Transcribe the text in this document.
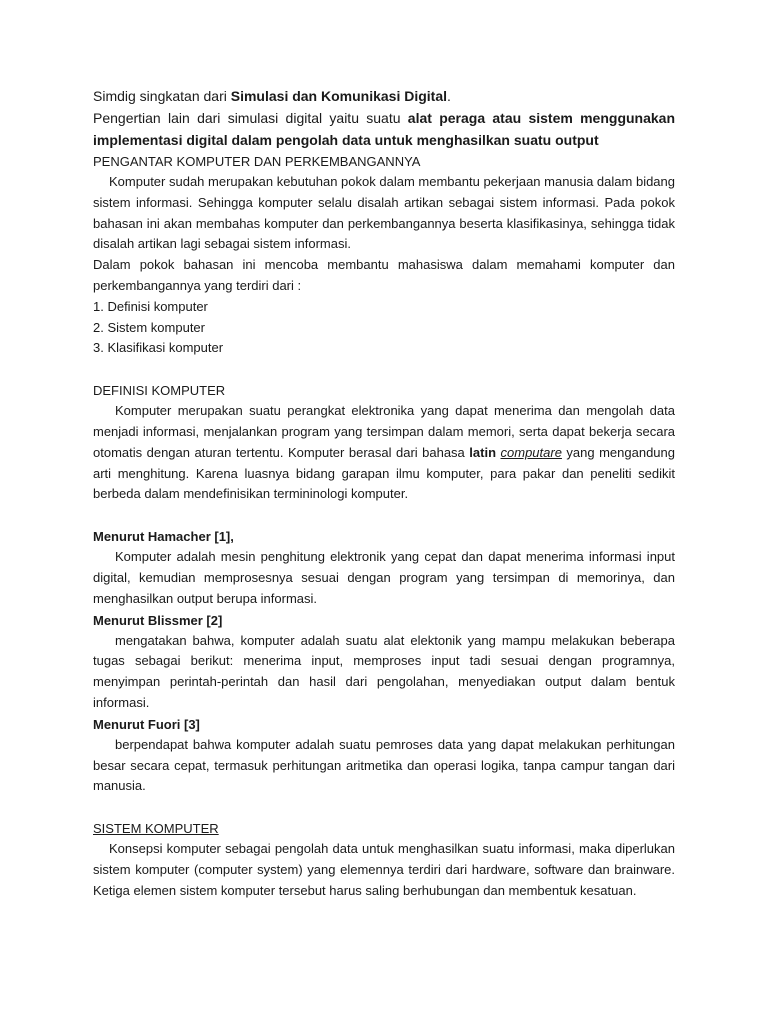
Simdig singkatan dari Simulasi dan Komunikasi Digital.

Pengertian lain dari simulasi digital yaitu suatu alat peraga atau sistem menggunakan implementasi digital dalam pengolah data untuk menghasilkan suatu output

PENGANTAR KOMPUTER DAN PERKEMBANGANNYA

Komputer sudah merupakan kebutuhan pokok dalam membantu pekerjaan manusia dalam bidang sistem informasi. Sehingga komputer selalu disalah artikan sebagai sistem informasi. Pada pokok bahasan ini akan membahas komputer dan perkembangannya beserta klasifikasinya, sehingga tidak disalah artikan lagi sebagai sistem informasi.

Dalam pokok bahasan ini mencoba membantu mahasiswa dalam memahami komputer dan perkembangannya yang terdiri dari :

1. Definisi komputer

2. Sistem komputer

3. Klasifikasi komputer

DEFINISI KOMPUTER

Komputer merupakan suatu perangkat elektronika yang dapat menerima dan mengolah data menjadi informasi, menjalankan program yang tersimpan dalam memori, serta dapat bekerja secara otomatis dengan aturan tertentu. Komputer berasal dari bahasa latin computare yang mengandung arti menghitung. Karena luasnya bidang garapan ilmu komputer, para pakar dan peneliti sedikit berbeda dalam mendefinisikan termininologi komputer.

Menurut Hamacher [1],

Komputer adalah mesin penghitung elektronik yang cepat dan dapat menerima informasi input digital, kemudian memprosesnya sesuai dengan program yang tersimpan di memorinya, dan menghasilkan output berupa informasi.

Menurut Blissmer [2]

mengatakan bahwa, komputer adalah suatu alat elektonik yang mampu melakukan beberapa tugas sebagai berikut: menerima input, memproses input tadi sesuai dengan programnya, menyimpan perintah-perintah dan hasil dari pengolahan, menyediakan output dalam bentuk informasi.

Menurut Fuori [3]

berpendapat bahwa komputer adalah suatu pemroses data yang dapat melakukan perhitungan besar secara cepat, termasuk perhitungan aritmetika dan operasi logika, tanpa campur tangan dari manusia.

SISTEM KOMPUTER

Konsepsi komputer sebagai pengolah data untuk menghasilkan suatu informasi, maka diperlukan sistem komputer (computer system) yang elemennya terdiri dari hardware, software dan brainware. Ketiga elemen sistem komputer tersebut harus saling berhubungan dan membentuk kesatuan.
